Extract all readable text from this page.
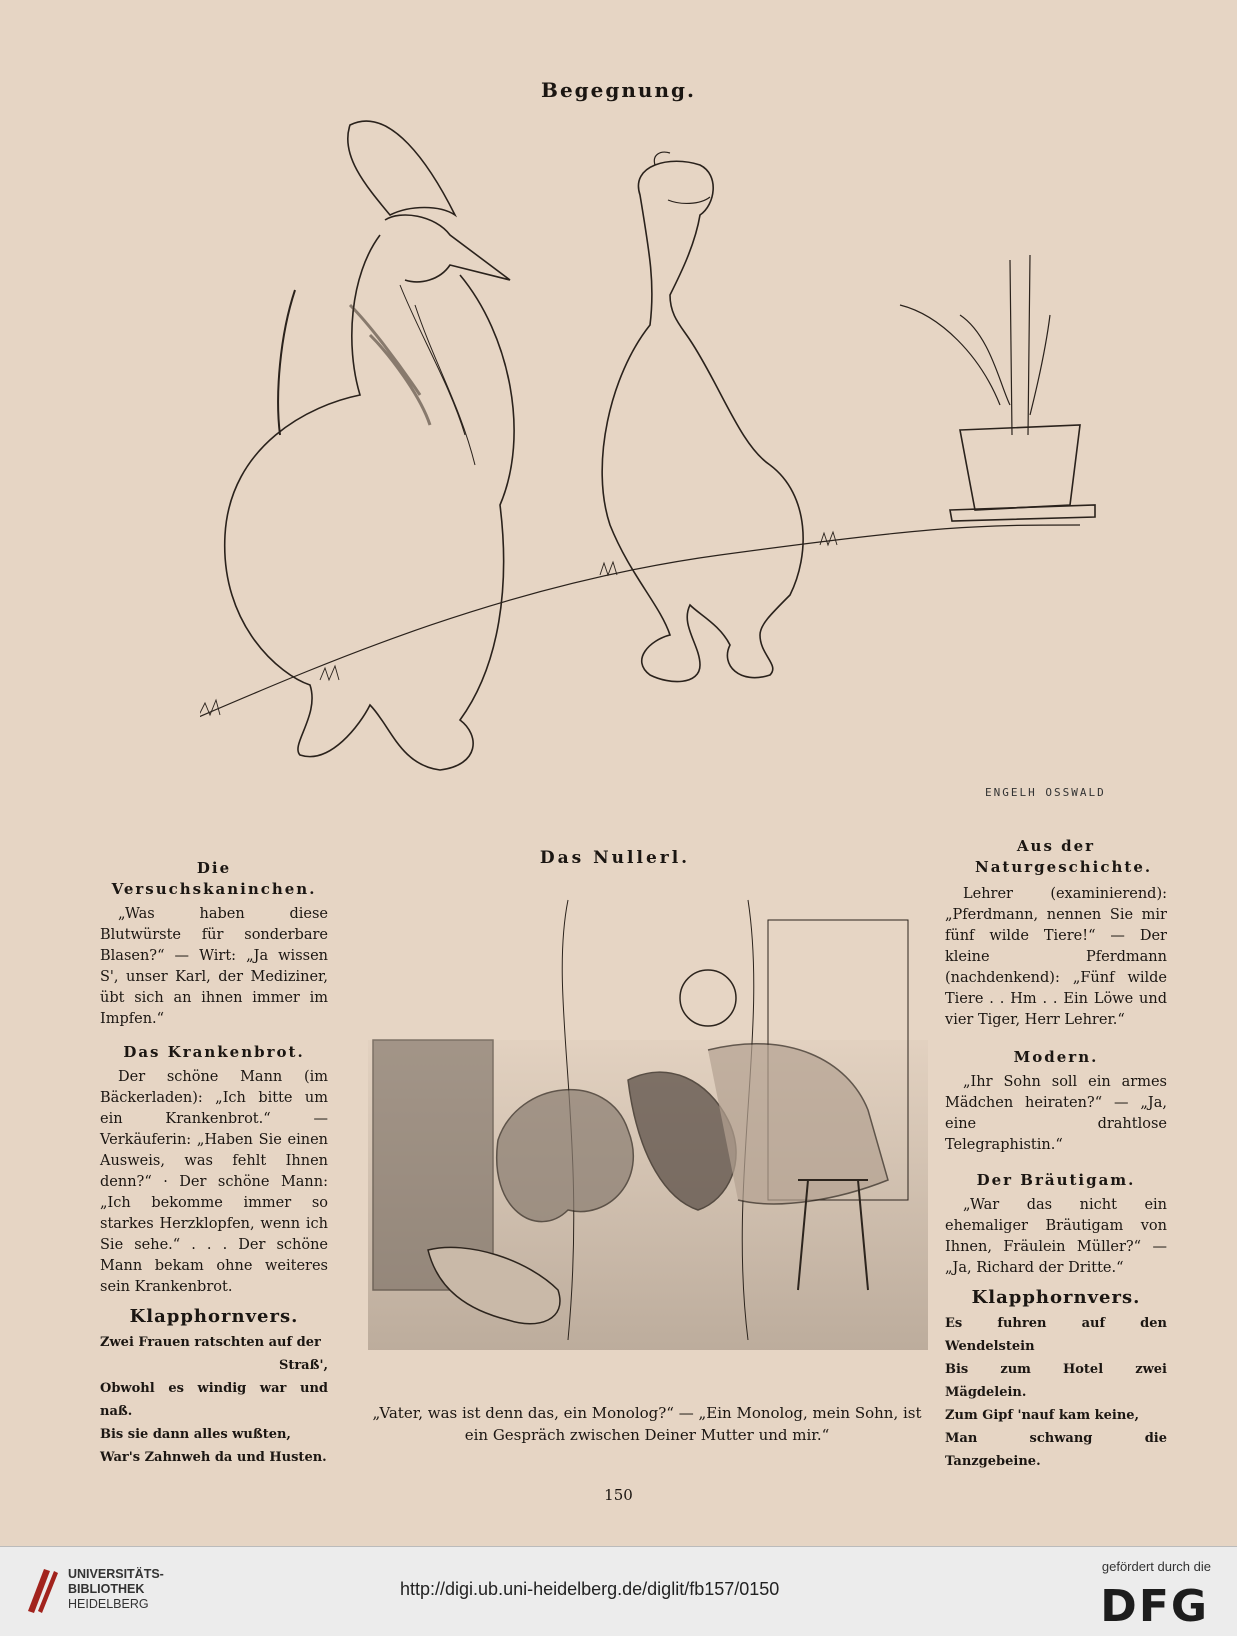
Begegnung.
ENGELH OSSWALD
Die Versuchskaninchen.

„Was haben diese Blutwürste für sonderbare Blasen?“ — Wirt: „Ja wissen S', unser Karl, der Mediziner, übt sich an ihnen immer im Impfen.“

Das Krankenbrot.

Der schöne Mann (im Bäckerladen): „Ich bitte um ein Krankenbrot.“ — Verkäuferin: „Haben Sie einen Ausweis, was fehlt Ihnen denn?“ · Der schöne Mann: „Ich bekomme immer so starkes Herzklopfen, wenn ich Sie sehe.“ . . . Der schöne Mann bekam ohne weiteres sein Krankenbrot.

Klapphornvers.

Zwei Frauen ratschten auf der

Straß',

Obwohl es windig war und naß.

Bis sie dann alles wußten,

War's Zahnweh da und Husten.

Das Nullerl.
„Vater, was ist denn das, ein Monolog?“ — „Ein Monolog, mein Sohn, ist ein Gespräch zwischen Deiner Mutter und mir.“
Aus der Naturgeschichte.

Lehrer (examinierend): „Pferdmann, nennen Sie mir fünf wilde Tiere!“ — Der kleine Pferdmann (nachdenkend): „Fünf wilde Tiere . . Hm . . Ein Löwe und vier Tiger, Herr Lehrer.“

Modern.

„Ihr Sohn soll ein armes Mädchen heiraten?“ — „Ja, eine drahtlose Telegraphistin.“

Der Bräutigam.

„War das nicht ein ehemaliger Bräutigam von Ihnen, Fräulein Müller?“ — „Ja, Richard der Dritte.“

Klapphornvers.

Es fuhren auf den Wendelstein

Bis zum Hotel zwei Mägdelein.

Zum Gipf 'nauf kam keine,

Man schwang die Tanzgebeine.

150
UNIVERSITÄTS-
BIBLIOTHEK
HEIDELBERG
http://digi.ub.uni-heidelberg.de/diglit/fb157/0150
gefördert durch die
DFG
